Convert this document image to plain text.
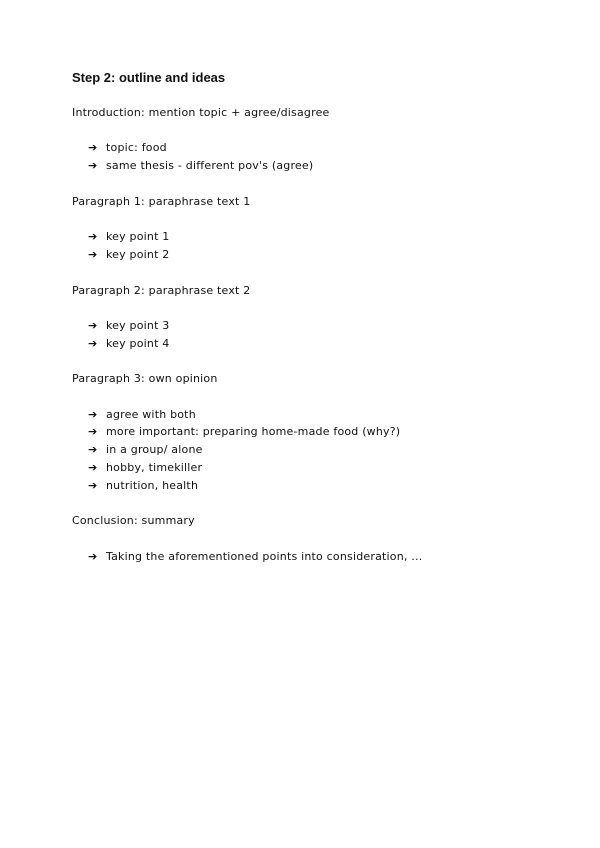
Step 2: outline and ideas
Introduction: mention topic + agree/disagree
➔ topic: food
➔ same thesis - different pov's (agree)
Paragraph 1: paraphrase text 1
➔ key point 1
➔ key point 2
Paragraph 2: paraphrase text 2
➔ key point 3
➔ key point 4
Paragraph 3: own opinion
➔ agree with both
➔ more important: preparing home-made food (why?)
➔ in a group/ alone
➔ hobby, timekiller
➔ nutrition, health
Conclusion: summary
➔ Taking the aforementioned points into consideration, ...
